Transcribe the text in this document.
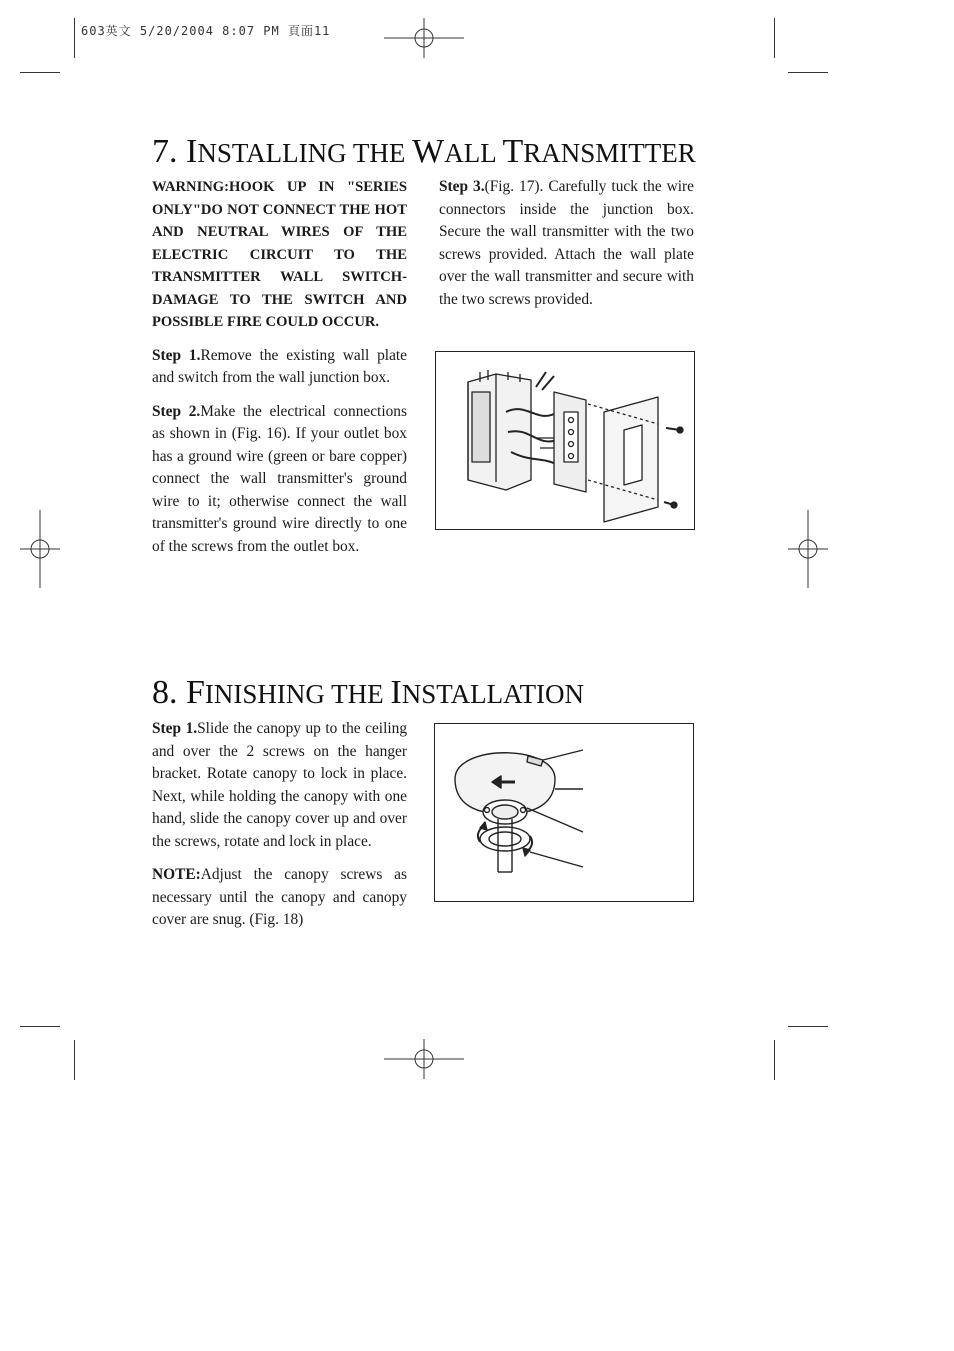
603英文 5/20/2004 8:07 PM 頁面11
7. INSTALLING THE WALL TRANSMITTER

WARNING:HOOK UP IN "SERIES ONLY"DO NOT CONNECT THE HOT AND NEUTRAL WIRES OF THE ELECTRIC CIRCUIT TO THE TRANSMITTER WALL SWITCH- DAMAGE TO THE SWITCH AND POSSIBLE FIRE COULD OCCUR.

Step 1.Remove the existing wall plate and switch from the wall junction box.

Step 2.Make the electrical connections as shown in (Fig. 16). If your outlet box has a ground wire (green or bare copper) connect the wall transmitter's ground wire to it; otherwise connect the wall transmitter's ground wire directly to one of the screws from the outlet box.

Step 3.(Fig. 17). Carefully tuck the wire connectors inside the junction box. Secure the wall transmitter with the two screws provided. Attach the wall plate over the wall transmitter and secure with the two screws provided.

8. FINISHING THE INSTALLATION

Step 1.Slide the canopy up to the ceiling and over the 2 screws on the hanger bracket. Rotate canopy to lock in place. Next, while holding the canopy with one hand, slide the canopy cover up and over the screws, rotate and lock in place.

NOTE:Adjust the canopy screws as necessary until the canopy and canopy cover are snug. (Fig. 18)
